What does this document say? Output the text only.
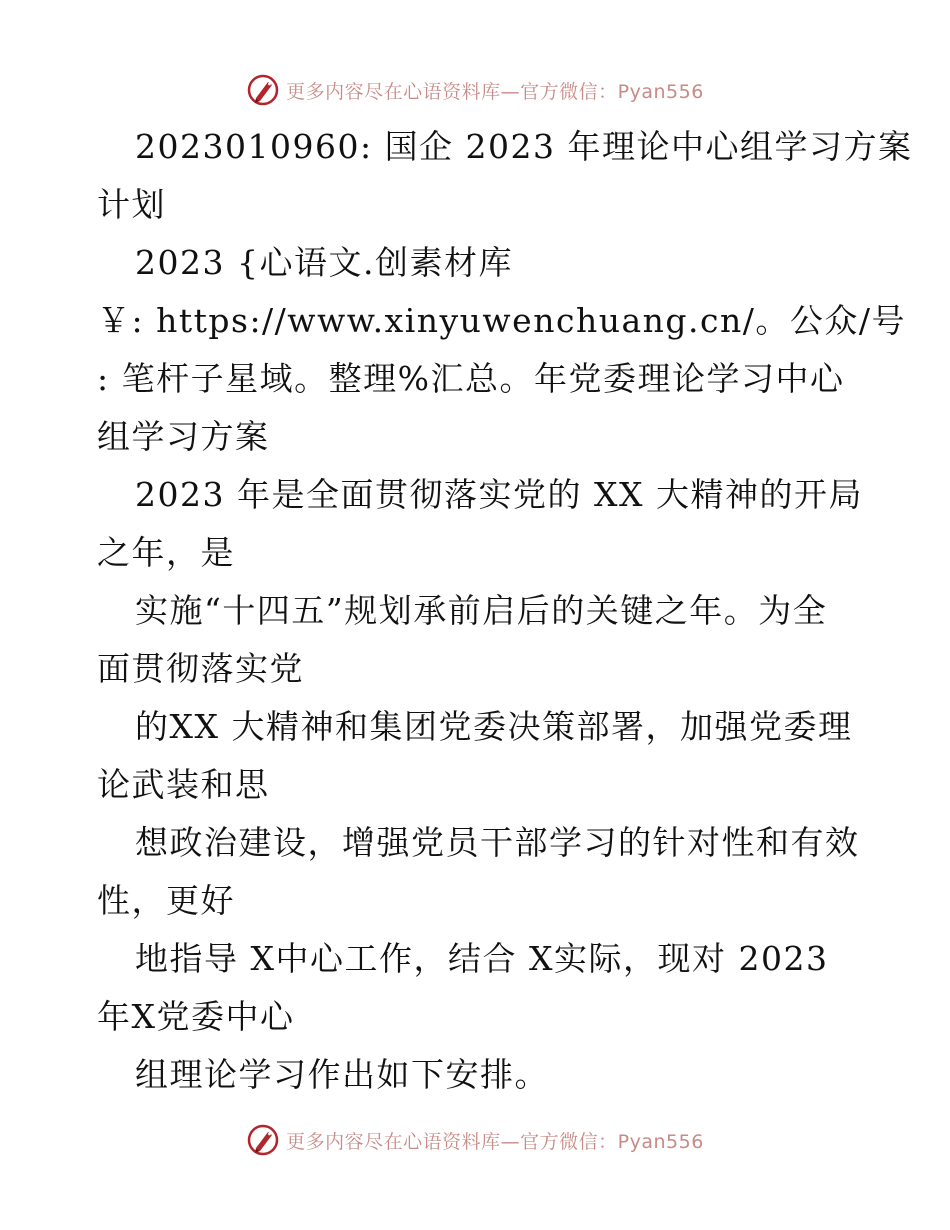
更多内容尽在心语资料库—官方微信：Pyan556
2023010960: 国企 2023 年理论中心组学习方案
计划
2023 {心语文.创素材库
￥: https://www.xinyuwenchuang.cn/。公众/号
: 笔杆子星域。整理%汇总。年党委理论学习中心
组学习方案
2023 年是全面贯彻落实党的 XX 大精神的开局
之年，是
实施“十四五”规划承前启后的关键之年。为全
面贯彻落实党
的XX 大精神和集团党委决策部署，加强党委理
论武装和思
想政治建设，增强党员干部学习的针对性和有效
性，更好
地指导 X中心工作，结合 X实际，现对 2023
年X党委中心
组理论学习作出如下安排。
更多内容尽在心语资料库—官方微信：Pyan556
